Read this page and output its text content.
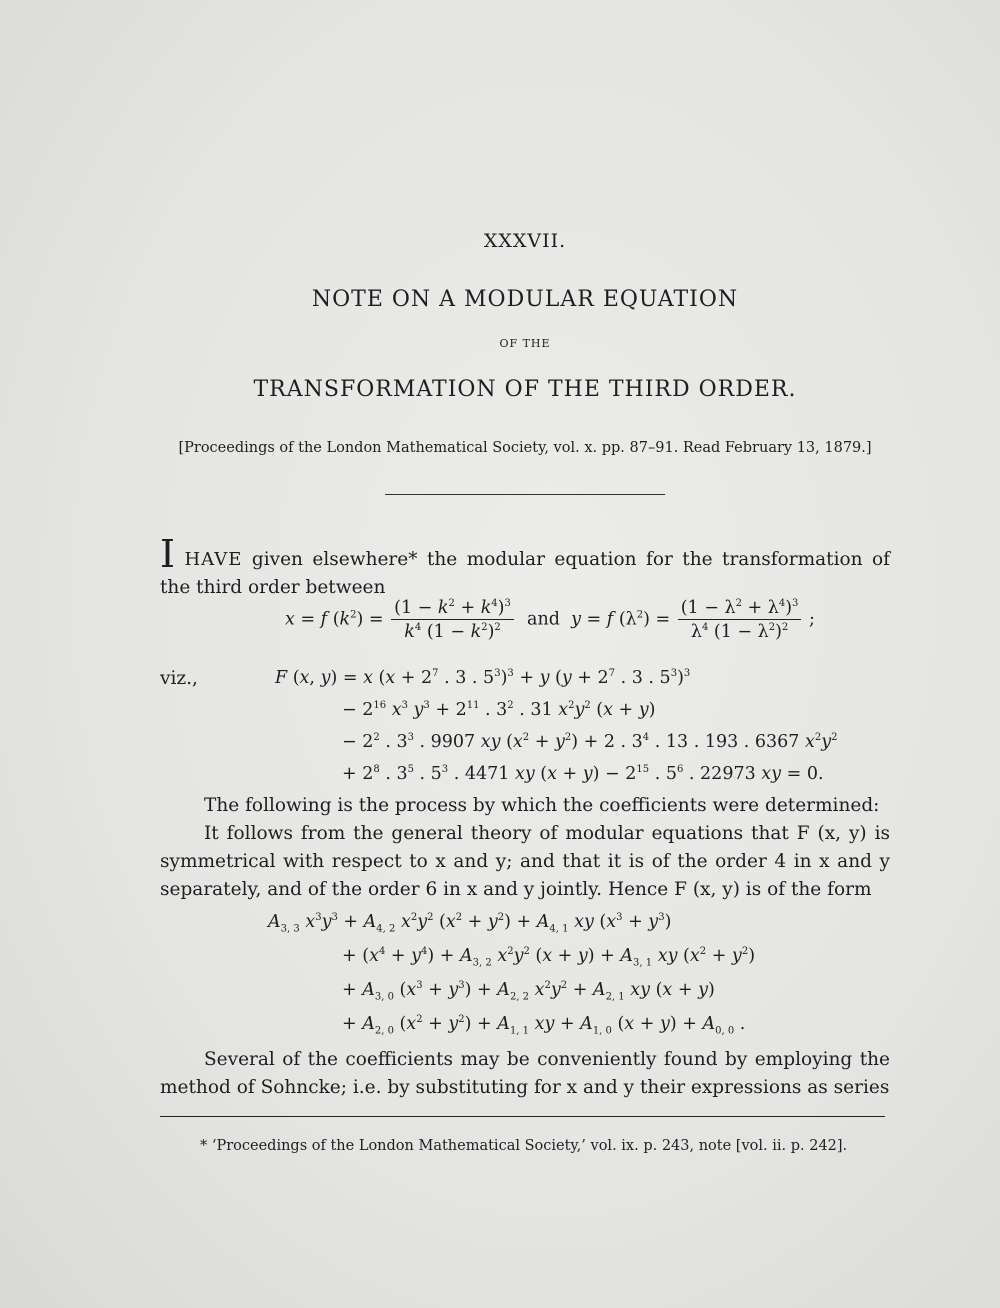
XXXVII.
NOTE ON A MODULAR EQUATION
OF THE
TRANSFORMATION OF THE THIRD ORDER.
[Proceedings of the London Mathematical Society, vol. x. pp. 87–91. Read February 13, 1879.]
I HAVE given elsewhere* the modular equation for the transformation of the third order between
x = f $(k^2) = \frac{(1 - k^2 + k^4)^3}{k^4 (1 - k^2)^2}$ and y = f $(\lambda^2) = \frac{(1 - \lambda^2 + \lambda^4)^3}{\lambda^4 (1 - \lambda^2)^2}$ ;
viz.,	F (x, y) = x ($x + 2^7$ . 3 . $5^3)^3 + y$ ($y + 2^7$ . 3 . $5^3)^3$
− $2^{16}$ $x^3$ $y^3 + 2^{11}$ . $3^2$ . 31 $x^2y^2$ (x + y)
− $2^2$ . $3^3$ . 9907 xy $(x^2 + y^2) + 2$ . $3^4$ . 13 . 193 . 6367 $x^2y^2$
+ $2^8$ . $3^5$ . $5^3$ . 4471 xy $(x + y) - 2^{15}$ . $5^6$ . 22973 xy = 0.
The following is the process by which the coefficients were determined:
It follows from the general theory of modular equations that F (x, y) is symmetrical with respect to x and y; and that it is of the order 4 in x and y separately, and of the order 6 in x and y jointly. Hence F (x, y) is of the form
$A_{3, 3}$ $x^3y^3 + A_{4, 2}$ $x^2y^2$ $(x^2 + y^2) + A_{4, 1}$ xy $(x^3 + y^3)$
+ $(x^4 + y^4) + A_{3, 2}$ $x^2y^2$ $(x + y) + A_{3, 1}$ xy $(x^2 + y^2)$
+ $A_{3, 0}$ $(x^3 + y^3) + A_{2, 2}$ $x^2y^2 + A_{2, 1}$ xy (x + y)
+ $A_{2, 0}$ $(x^2 + y^2) + A_{1, 1}$ xy + $A_{1, 0}$ $(x + y) + A_{0, 0}$ .
Several of the coefficients may be conveniently found by employing the method of Sohncke; i.e. by substituting for x and y their expressions as series
* ‘Proceedings of the London Mathematical Society,’ vol. ix. p. 243, note [vol. ii. p. 242].
